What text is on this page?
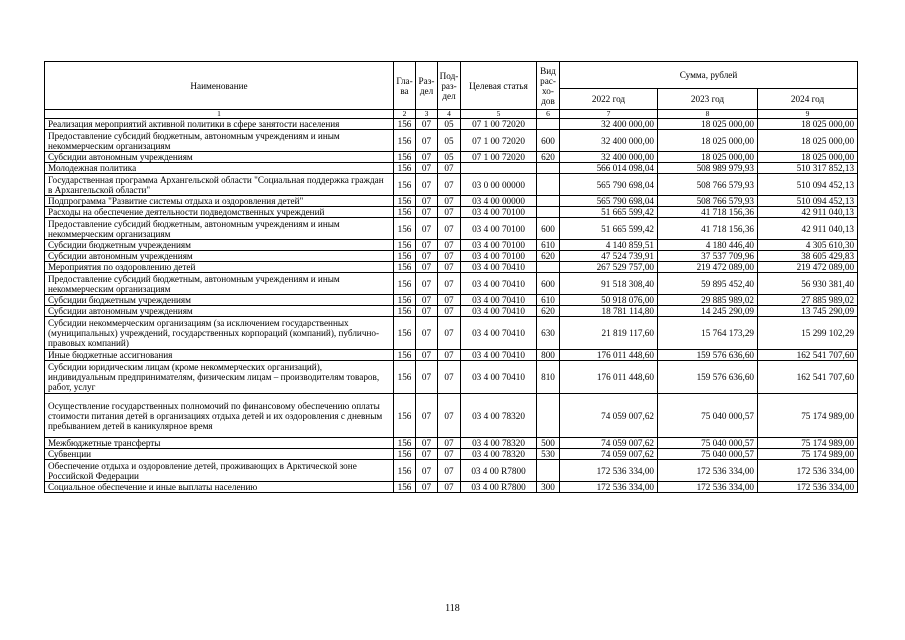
Наименование	Гла-ва	Раз-дел	Под-раз-дел	Целевая статья	Вид рас-хо-дов	Сумма, рублей		
						2022 год	2023 год	2024 год
1	2	3	4	5	6	7	8	9
Реализация мероприятий активной политики в сфере занятости населения	156	07	05	07 1 00 72020		32 400 000,00	18 025 000,00	18 025 000,00
Предоставление субсидий бюджетным, автономным учреждениям и иным некоммерческим организациям	156	07	05	07 1 00 72020	600	32 400 000,00	18 025 000,00	18 025 000,00
Субсидии автономным учреждениям	156	07	05	07 1 00 72020	620	32 400 000,00	18 025 000,00	18 025 000,00
Молодежная политика	156	07	07			566 014 098,04	508 989 979,93	510 317 852,13
Государственная программа Архангельской области "Социальная поддержка граждан в Архангельской области"	156	07	07	03 0 00 00000		565 790 698,04	508 766 579,93	510 094 452,13
Подпрограмма "Развитие системы отдыха и оздоровления детей"	156	07	07	03 4 00 00000		565 790 698,04	508 766 579,93	510 094 452,13
Расходы на обеспечение деятельности подведомственных учреждений	156	07	07	03 4 00 70100		51 665 599,42	41 718 156,36	42 911 040,13
Предоставление субсидий бюджетным, автономным учреждениям и иным некоммерческим организациям	156	07	07	03 4 00 70100	600	51 665 599,42	41 718 156,36	42 911 040,13
Субсидии бюджетным учреждениям	156	07	07	03 4 00 70100	610	4 140 859,51	4 180 446,40	4 305 610,30
Субсидии автономным учреждениям	156	07	07	03 4 00 70100	620	47 524 739,91	37 537 709,96	38 605 429,83
Мероприятия по оздоровлению детей	156	07	07	03 4 00 70410		267 529 757,00	219 472 089,00	219 472 089,00
Предоставление субсидий бюджетным, автономным учреждениям и иным некоммерческим организациям	156	07	07	03 4 00 70410	600	91 518 308,40	59 895 452,40	56 930 381,40
Субсидии бюджетным учреждениям	156	07	07	03 4 00 70410	610	50 918 076,00	29 885 989,02	27 885 989,02
Субсидии автономным учреждениям	156	07	07	03 4 00 70410	620	18 781 114,80	14 245 290,09	13 745 290,09
Субсидии некоммерческим организациям (за исключением государственных (муниципальных) учреждений, государственных корпораций (компаний), публично-правовых компаний)	156	07	07	03 4 00 70410	630	21 819 117,60	15 764 173,29	15 299 102,29
Иные бюджетные ассигнования	156	07	07	03 4 00 70410	800	176 011 448,60	159 576 636,60	162 541 707,60
Субсидии юридическим лицам (кроме некоммерческих организаций), индивидуальным предпринимателям, физическим лицам – производителям товаров, работ, услуг	156	07	07	03 4 00 70410	810	176 011 448,60	159 576 636,60	162 541 707,60
Осуществление государственных полномочий по финансовому обеспечению оплаты стоимости питания детей в организациях отдыха детей и их оздоровления с дневным пребыванием детей в каникулярное время	156	07	07	03 4 00 78320		74 059 007,62	75 040 000,57	75 174 989,00
Межбюджетные трансферты	156	07	07	03 4 00 78320	500	74 059 007,62	75 040 000,57	75 174 989,00
Субвенции	156	07	07	03 4 00 78320	530	74 059 007,62	75 040 000,57	75 174 989,00
Обеспечение отдыха и оздоровление детей, проживающих в Арктической зоне Российской Федерации	156	07	07	03 4 00 R7800		172 536 334,00	172 536 334,00	172 536 334,00
Социальное обеспечение и иные выплаты населению	156	07	07	03 4 00 R7800	300	172 536 334,00	172 536 334,00	172 536 334,00
118
